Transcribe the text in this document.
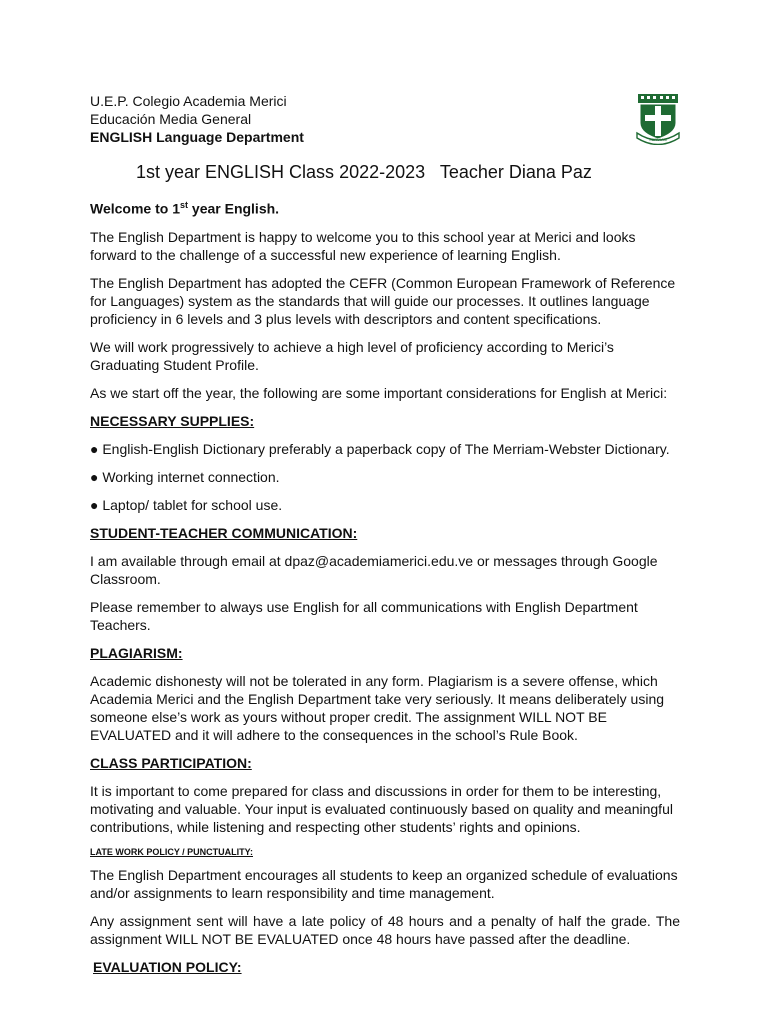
U.E.P. Colegio Academia Merici
Educación Media General
ENGLISH Language Department	SERVIAM
1st year ENGLISH Class 2022-2023   Teacher Diana Paz

Welcome to 1st year English.

The English Department is happy to welcome you to this school year at Merici and looks forward to the challenge of a successful new experience of learning English.

The English Department has adopted the CEFR (Common European Framework of Reference for Languages) system as the standards that will guide our processes. It outlines language proficiency in 6 levels and 3 plus levels with descriptors and content specifications.

We will work progressively to achieve a high level of proficiency according to Merici’s Graduating Student Profile.

As we start off the year, the following are some important considerations for English at Merici:

NECESSARY SUPPLIES:

● English-English Dictionary preferably a paperback copy of The Merriam-Webster Dictionary.

● Working internet connection.

● Laptop/ tablet for school use.

STUDENT-TEACHER COMMUNICATION:

I am available through email at dpaz@academiamerici.edu.ve or messages through Google Classroom.

Please remember to always use English for all communications with English Department Teachers.

PLAGIARISM:

Academic dishonesty will not be tolerated in any form. Plagiarism is a severe offense, which Academia Merici and the English Department take very seriously. It means deliberately using someone else’s work as yours without proper credit. The assignment WILL NOT BE EVALUATED and it will adhere to the consequences in the school’s Rule Book.

CLASS PARTICIPATION:

It is important to come prepared for class and discussions in order for them to be interesting, motivating and valuable. Your input is evaluated continuously based on quality and meaningful contributions, while listening and respecting other students’ rights and opinions.

LATE WORK POLICY / PUNCTUALITY:

The English Department encourages all students to keep an organized schedule of evaluations and/or assignments to learn responsibility and time management.

Any assignment sent will have a late policy of 48 hours and a penalty of half the grade. The assignment WILL NOT BE EVALUATED once 48 hours have passed after the deadline.

EVALUATION POLICY:
